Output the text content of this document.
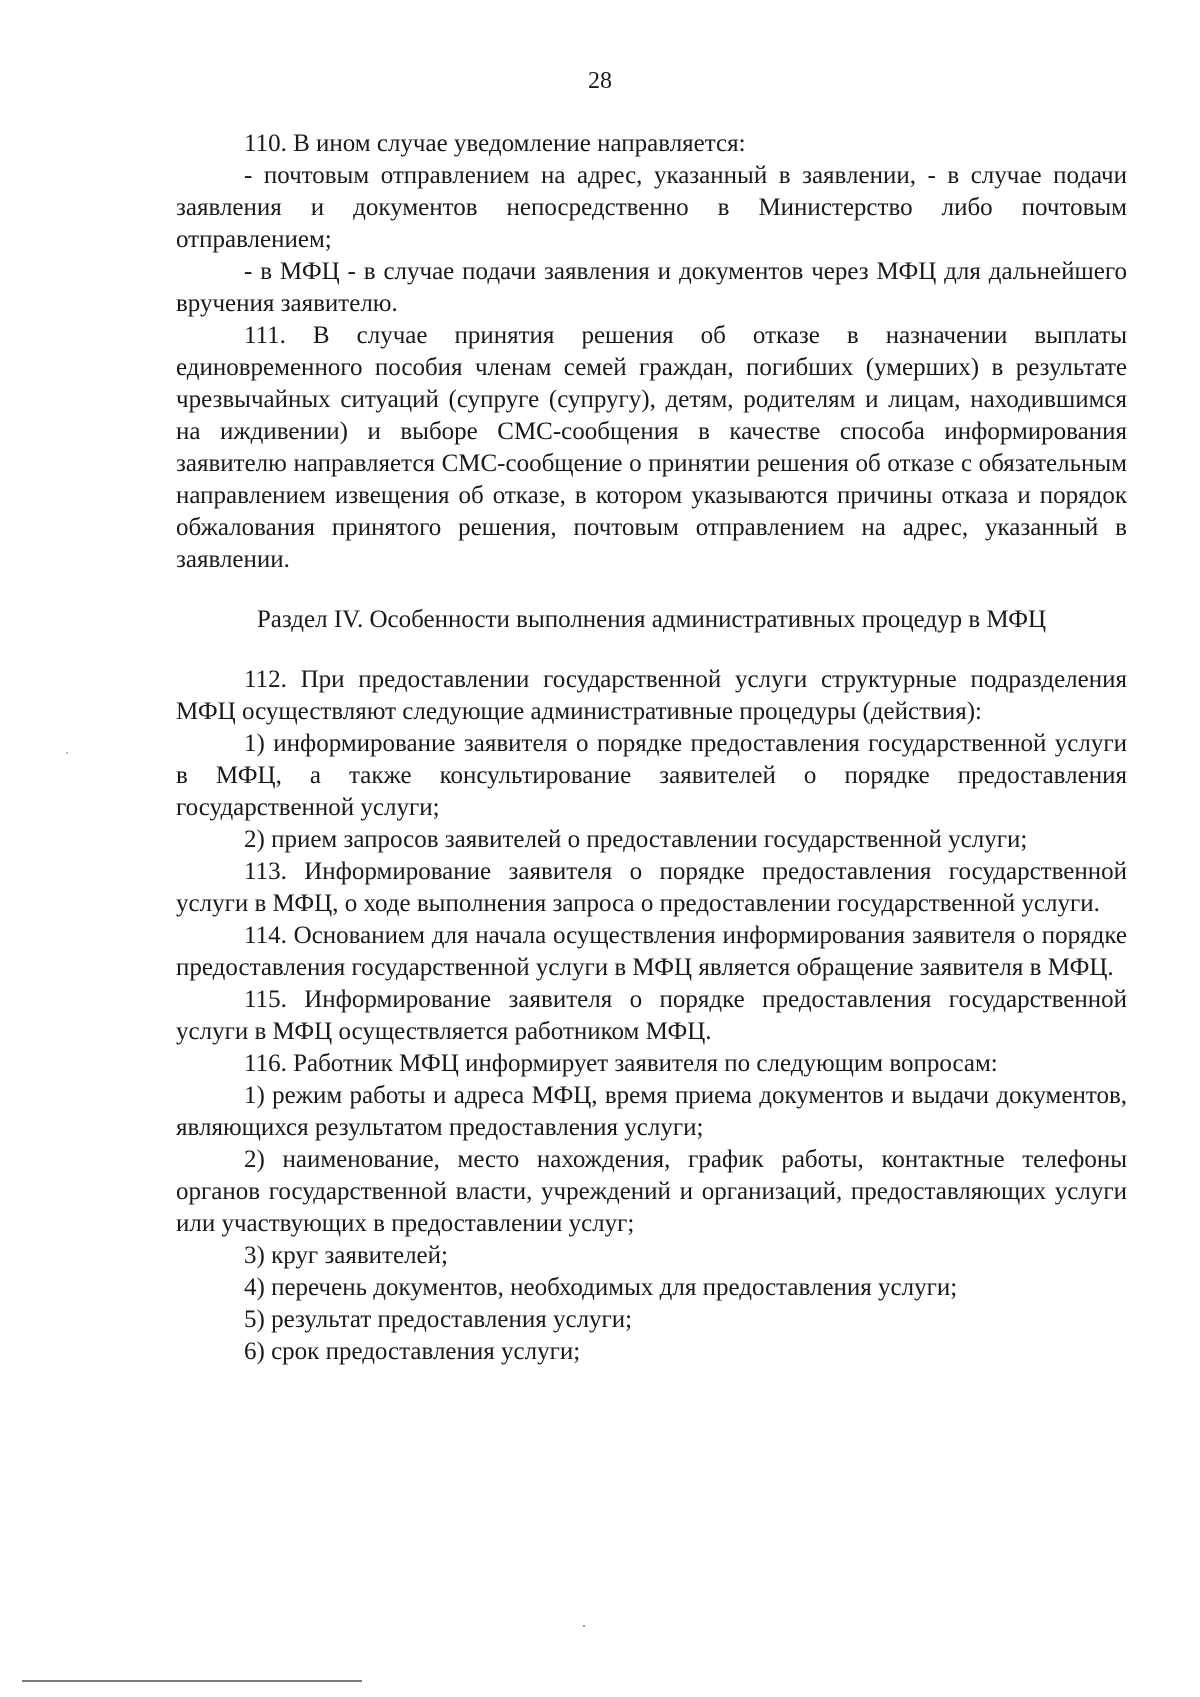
28

110. В ином случае уведомление направляется:

- почтовым отправлением на адрес, указанный в заявлении, - в случае подачи заявления и документов непосредственно в Министерство либо почтовым отправлением;

- в МФЦ - в случае подачи заявления и документов через МФЦ для дальнейшего вручения заявителю.

111. В случае принятия решения об отказе в назначении выплаты единовременного пособия членам семей граждан, погибших (умерших) в результате чрезвычайных ситуаций (супруге (супругу), детям, родителям и лицам, находившимся на иждивении) и выборе СМС-сообщения в качестве способа информирования заявителю направляется СМС-сообщение о принятии решения об отказе с обязательным направлением извещения об отказе, в котором указываются причины отказа и порядок обжалования принятого решения, почтовым отправлением на адрес, указанный в заявлении.

Раздел IV. Особенности выполнения административных процедур в МФЦ

112. При предоставлении государственной услуги структурные подразделения МФЦ осуществляют следующие административные процедуры (действия):

1) информирование заявителя о порядке предоставления государственной услуги в МФЦ, а также консультирование заявителей о порядке предоставления государственной услуги;

2) прием запросов заявителей о предоставлении государственной услуги;

113. Информирование заявителя о порядке предоставления государственной услуги в МФЦ, о ходе выполнения запроса о предоставлении государственной услуги.

114. Основанием для начала осуществления информирования заявителя о порядке предоставления государственной услуги в МФЦ является обращение заявителя в МФЦ.

115. Информирование заявителя о порядке предоставления государственной услуги в МФЦ осуществляется работником МФЦ.

116. Работник МФЦ информирует заявителя по следующим вопросам:

1) режим работы и адреса МФЦ, время приема документов и выдачи документов, являющихся результатом предоставления услуги;

2) наименование, место нахождения, график работы, контактные телефоны органов государственной власти, учреждений и организаций, предоставляющих услуги или участвующих в предоставлении услуг;

3) круг заявителей;

4) перечень документов, необходимых для предоставления услуги;

5) результат предоставления услуги;

6) срок предоставления услуги;
